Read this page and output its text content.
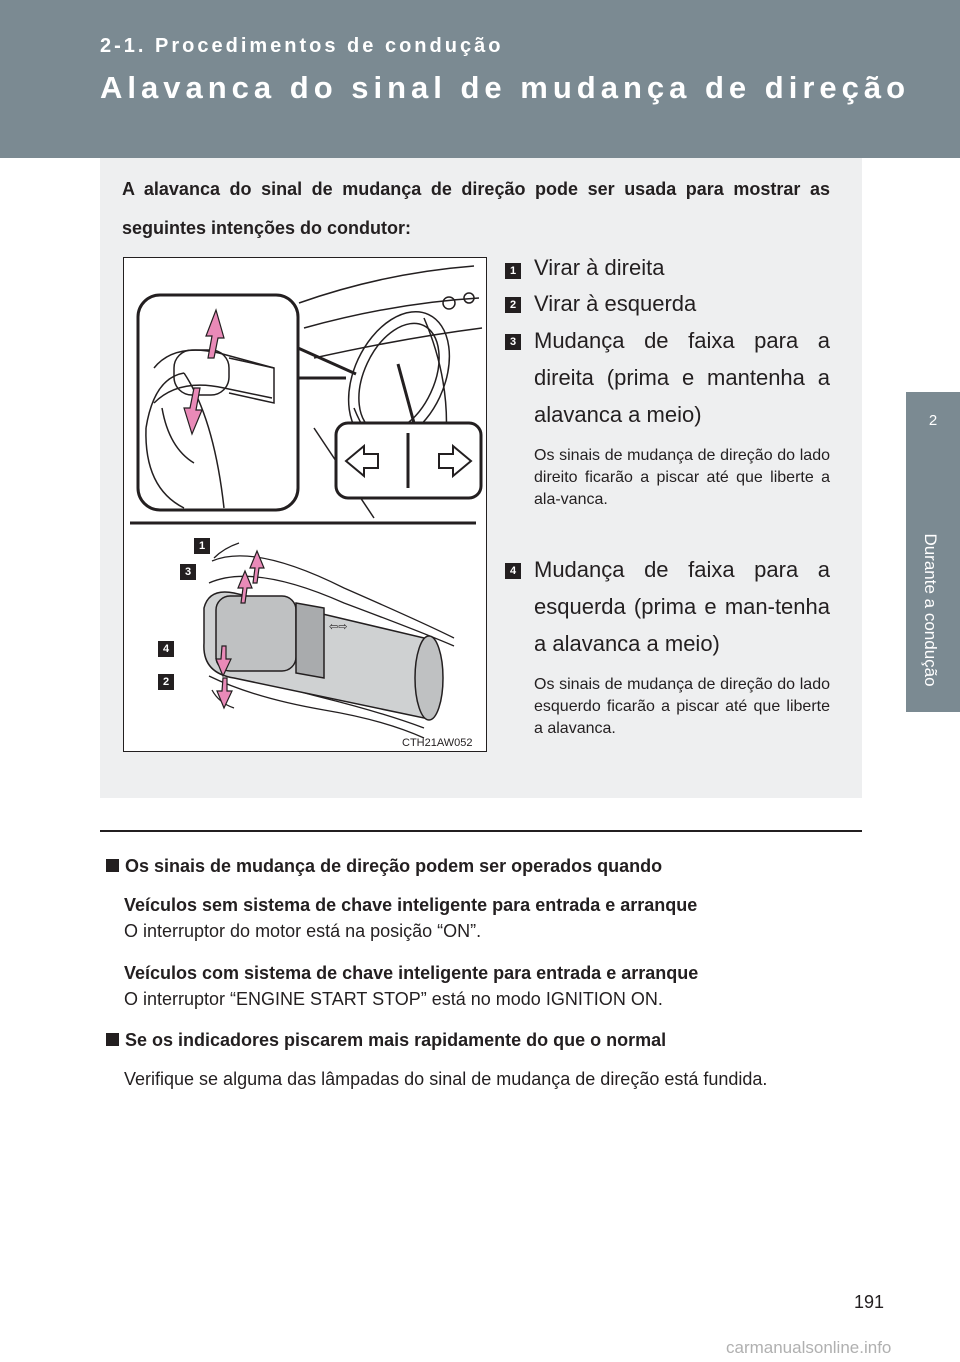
2-1. Procedimentos de condução
Alavanca do sinal de mudança de direção
2
Durante a condução
A alavanca do sinal de mudança de direção pode ser usada para mostrar as seguintes intenções do condutor:
⇦⇨
1
3
4
2
CTH21AW052
1 Virar à direita
2 Virar à esquerda
3 Mudança de faixa para a direita (prima e mantenha a alavanca a meio)
Os sinais de mudança de direção do lado direito ficarão a piscar até que liberte a ala-vanca.
4 Mudança de faixa para a esquerda (prima e man-tenha a alavanca a meio)
Os sinais de mudança de direção do lado esquerdo ficarão a piscar até que liberte a alavanca.

Os sinais de mudança de direção podem ser operados quando

Veículos sem sistema de chave inteligente para entrada e arranque
O interruptor do motor está na posição “ON”.
Veículos com sistema de chave inteligente para entrada e arranque
O interruptor “ENGINE START STOP” está no modo IGNITION ON.

Se os indicadores piscarem mais rapidamente do que o normal

Verifique se alguma das lâmpadas do sinal de mudança de direção está fundida.
191
carmanualsonline.info
